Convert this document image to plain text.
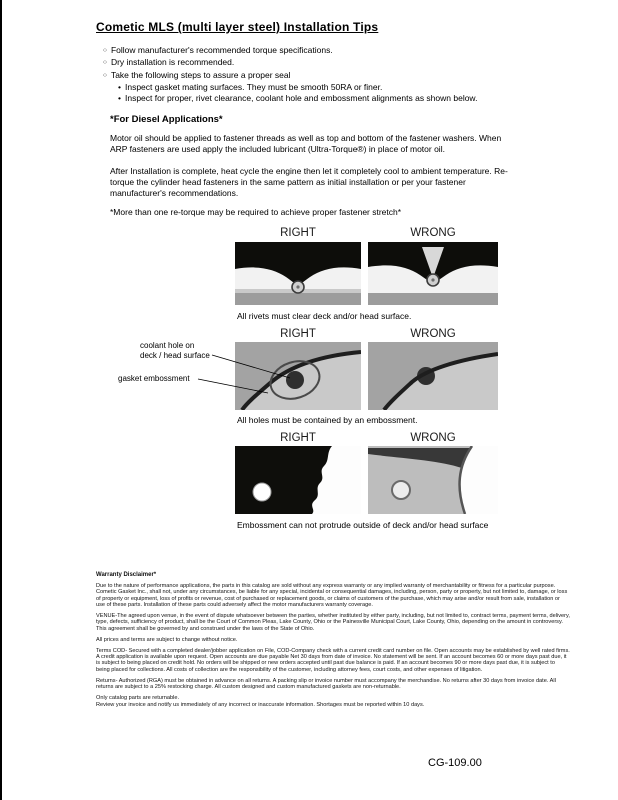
Cometic MLS (multi layer steel) Installation Tips
○ Follow manufacturer's recommended torque specifications.
○ Dry installation is recommended.
○ Take the following steps to assure a proper seal
• Inspect gasket mating surfaces. They must be smooth 50RA or finer.
• Inspect for proper, rivet clearance, coolant hole and embossment alignments as shown below.
*For Diesel Applications*
Motor oil should be applied to fastener threads as well as top and bottom of the fastener washers. When ARP fasteners are used apply the included lubricant (Ultra-Torque®) in place of motor oil.
After Installation is complete, heat cycle the engine then let it completely cool to ambient temperature. Re-torque the cylinder head fasteners in the same pattern as initial installation or per your fastener manufacturer's recommendations.
*More than one re-torque may be required to achieve proper fastener stretch*
RIGHT	WRONG
All rivets must clear deck and/or head surface.
RIGHT	WRONG
coolant hole on
deck / head surface
gasket embossment
All holes must be contained by an embossment.
RIGHT	WRONG
Embossment can not protrude outside of deck and/or head surface

Warranty Disclaimer*

Due to the nature of performance applications, the parts in this catalog are sold without any express warranty or any implied warranty of merchantability or fitness for a particular purpose. Cometic Gasket Inc., shall not, under any circumstances, be liable for any special, incidental or consequential damages, including, person, party or property, but not limited to, damage, or loss of property or equipment, loss of profits or revenue, cost of purchased or replacement goods, or claims of customers of the purchase, which may arise and/or result from sale, installation or use of these parts. Installation of these parts could adversely affect the motor manufacturers warranty coverage.

VENUE-The agreed upon venue, in the event of dispute whatsoever between the parties, whether instituted by either party, including, but not limited to, contract terms, payment terms, delivery, type, defects, sufficiency of product, shall be the Court of Common Pleas, Lake County, Ohio or the Painesville Municipal Court, Lake County, Ohio, depending on the amount in controversy. This agreement shall be governed by and construed under the laws of the State of Ohio.

All prices and terms are subject to change without notice.

Terms COD- Secured with a completed dealer/jobber application on File, COD-Company check with a current credit card number on file. Open accounts may be established by well rated firms. A credit application is available upon request. Open accounts are due payable Net 30 days from date of invoice. No statement will be sent. If an account becomes 60 or more days past due, it is subject to being placed on credit hold. No orders will be shipped or new orders accepted until past due balance is paid. If an account becomes 90 or more days past due, it is subject to being placed for collections. All costs of collection are the responsibility of the customer, including attorney fees, court costs, and other expenses of litigation.

Returns- Authorized (RGA) must be obtained in advance on all returns. A packing slip or invoice number must accompany the merchandise. No returns after 30 days from invoice date. All returns are subject to a 25% restocking charge. All custom designed and custom manufactured gaskets are non-returnable.

Only catalog parts are returnable.

Review your invoice and notify us immediately of any incorrect or inaccurate information. Shortages must be reported within 10 days.

CG-109.00
